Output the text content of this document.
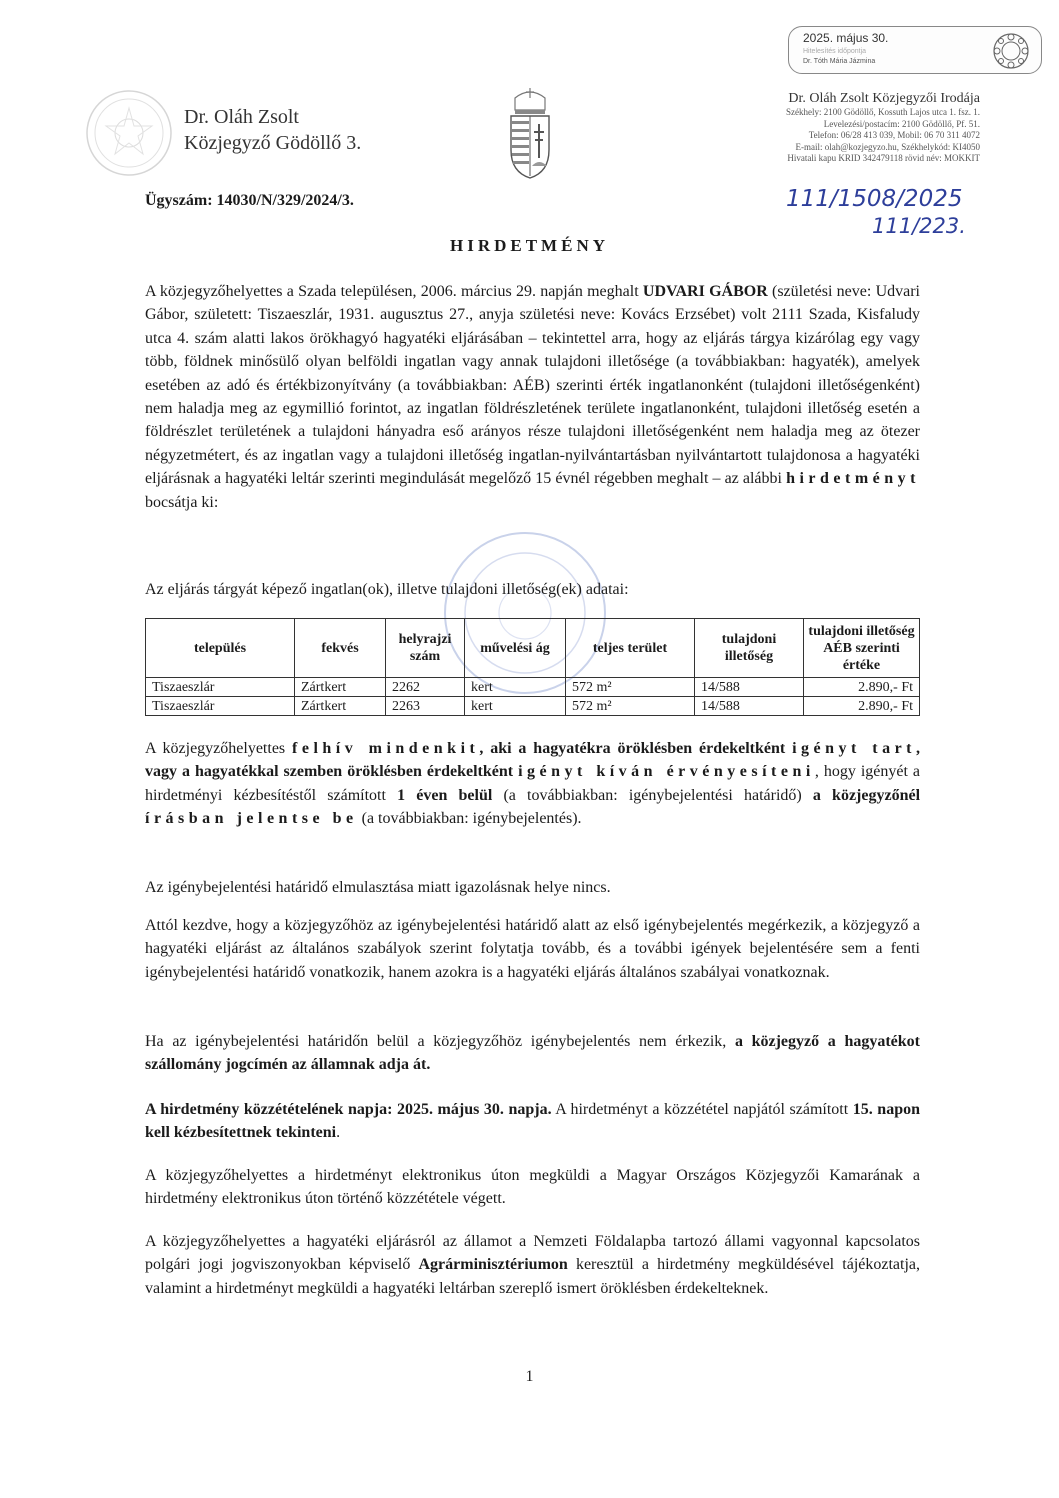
Dr. Oláh Zsolt
Közjegyző Gödöllő 3.
Dr. Oláh Zsolt Közjegyzői Irodája
Székhely: 2100 Gödöllő, Kossuth Lajos utca 1. fsz. 1.
Levelezési/postacím: 2100 Gödöllő, Pf. 51.
Telefon: 06/28 413 039, Mobil: 06 70 311 4072
E-mail: olah@kozjegyzo.hu, Székhelykód: KI4050
Hivatali kapu KRID 342479118 rövid név: MOKKIT
2025. május 30.
Hitelesítés időpontja
Dr. Tóth Mária Jázmina
111/1508/2025
111/223.
Ügyszám: 14030/N/329/2024/3.
HIRDETMÉNY
A közjegyzőhelyettes a Szada településen, 2006. március 29. napján meghalt UDVARI GÁBOR (születési neve: Udvari Gábor, született: Tiszaeszlár, 1931. augusztus 27., anyja születési neve: Kovács Erzsébet) volt 2111 Szada, Kisfaludy utca 4. szám alatti lakos örökhagyó hagyatéki eljárásában – tekintettel arra, hogy az eljárás tárgya kizárólag egy vagy több, földnek minősülő olyan belföldi ingatlan vagy annak tulajdoni illetősége (a továbbiakban: hagyaték), amelyek esetében az adó és értékbizonyítvány (a továbbiakban: AÉB) szerinti érték ingatlanonként (tulajdoni illetőségenként) nem haladja meg az egymillió forintot, az ingatlan földrészletének területe ingatlanonként, tulajdoni illetőség esetén a földrészlet területének a tulajdoni hányadra eső arányos része tulajdoni illetőségenként nem haladja meg az ötezer négyzetmétert, és az ingatlan vagy a tulajdoni illetőség ingatlan-nyilvántartásban nyilvántartott tulajdonosa a hagyatéki eljárásnak a hagyatéki leltár szerinti megindulását megelőző 15 évnél régebben meghalt – az alábbi hirdetményt bocsátja ki:
Az eljárás tárgyát képező ingatlan(ok), illetve tulajdoni illetőség(ek) adatai:
település	fekvés	helyrajzi szám	művelési ág	teljes terület	tulajdoni illetőség	tulajdoni illetőség AÉB szerinti értéke
Tiszaeszlár	Zártkert	2262	kert	572 m²	14/588	2.890,- Ft
Tiszaeszlár	Zártkert	2263	kert	572 m²	14/588	2.890,- Ft
A közjegyzőhelyettes felhív mindenkit, aki a hagyatékra öröklésben érdekeltként igényt tart, vagy a hagyatékkal szemben öröklésben érdekeltként igényt kíván érvényesíteni, hogy igényét a hirdetményi kézbesítéstől számított 1 éven belül (a továbbiakban: igénybejelentési határidő) a közjegyzőnél írásban jelentse be (a továbbiakban: igénybejelentés).
Az igénybejelentési határidő elmulasztása miatt igazolásnak helye nincs.
Attól kezdve, hogy a közjegyzőhöz az igénybejelentési határidő alatt az első igénybejelentés megérkezik, a közjegyző a hagyatéki eljárást az általános szabályok szerint folytatja tovább, és a további igények bejelentésére sem a fenti igénybejelentési határidő vonatkozik, hanem azokra is a hagyatéki eljárás általános szabályai vonatkoznak.
Ha az igénybejelentési határidőn belül a közjegyzőhöz igénybejelentés nem érkezik, a közjegyző a hagyatékot szállomány jogcímén az államnak adja át.
A hirdetmény közzétételének napja: 2025. május 30. napja. A hirdetményt a közzététel napjától számított 15. napon kell kézbesítettnek tekinteni.
A közjegyzőhelyettes a hirdetményt elektronikus úton megküldi a Magyar Országos Közjegyzői Kamarának a hirdetmény elektronikus úton történő közzététele végett.
A közjegyzőhelyettes a hagyatéki eljárásról az államot a Nemzeti Földalapba tartozó állami vagyonnal kapcsolatos polgári jogi jogviszonyokban képviselő Agrárminisztériumon keresztül a hirdetmény megküldésével tájékoztatja, valamint a hirdetményt megküldi a hagyatéki leltárban szereplő ismert öröklésben érdekelteknek.
1
